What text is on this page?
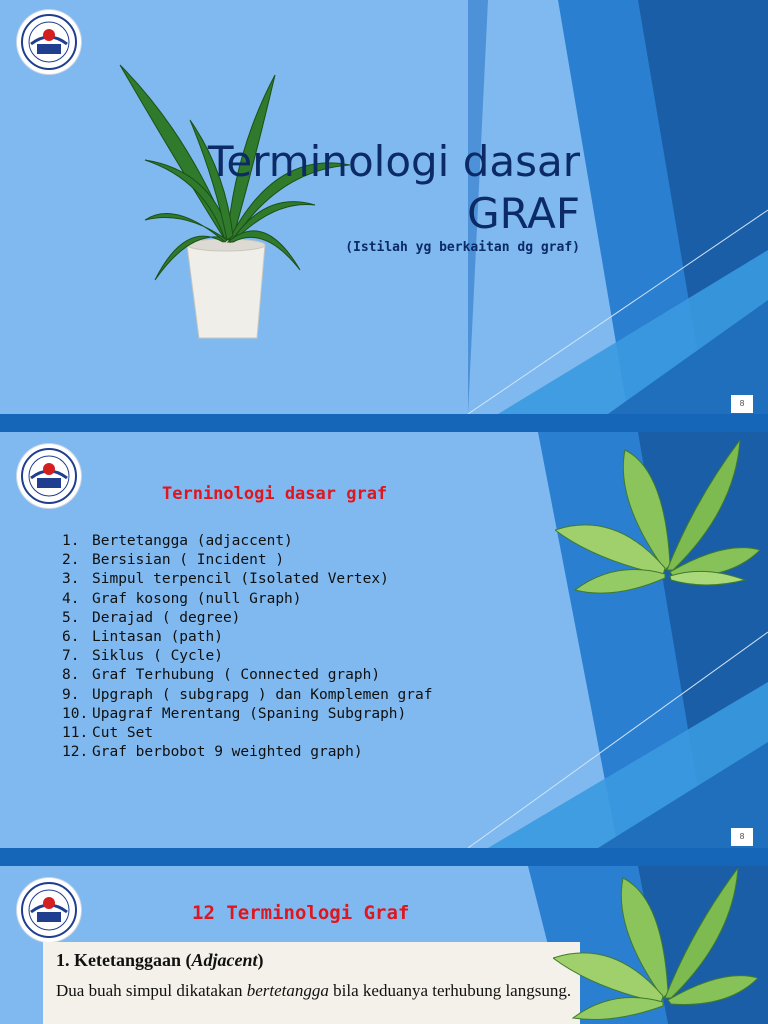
Terminologi dasar
GRAF
(Istilah yg berkaitan dg graf)
8
Terninologi dasar graf
1. Bertetangga (adjaccent)
2. Bersisian ( Incident )
3. Simpul terpencil (Isolated Vertex)
4. Graf kosong (null Graph)
5. Derajad ( degree)
6. Lintasan (path)
7. Siklus ( Cycle)
8. Graf Terhubung ( Connected graph)
9. Upgraph ( subgrapg ) dan Komplemen graf
10. Upagraf Merentang (Spaning Subgraph)
11. Cut Set
12. Graf berbobot 9 weighted graph)
8
12 Terminologi Graf
1. Ketetanggaan (Adjacent)
Dua buah simpul dikatakan bertetangga bila keduanya terhubung langsung.
